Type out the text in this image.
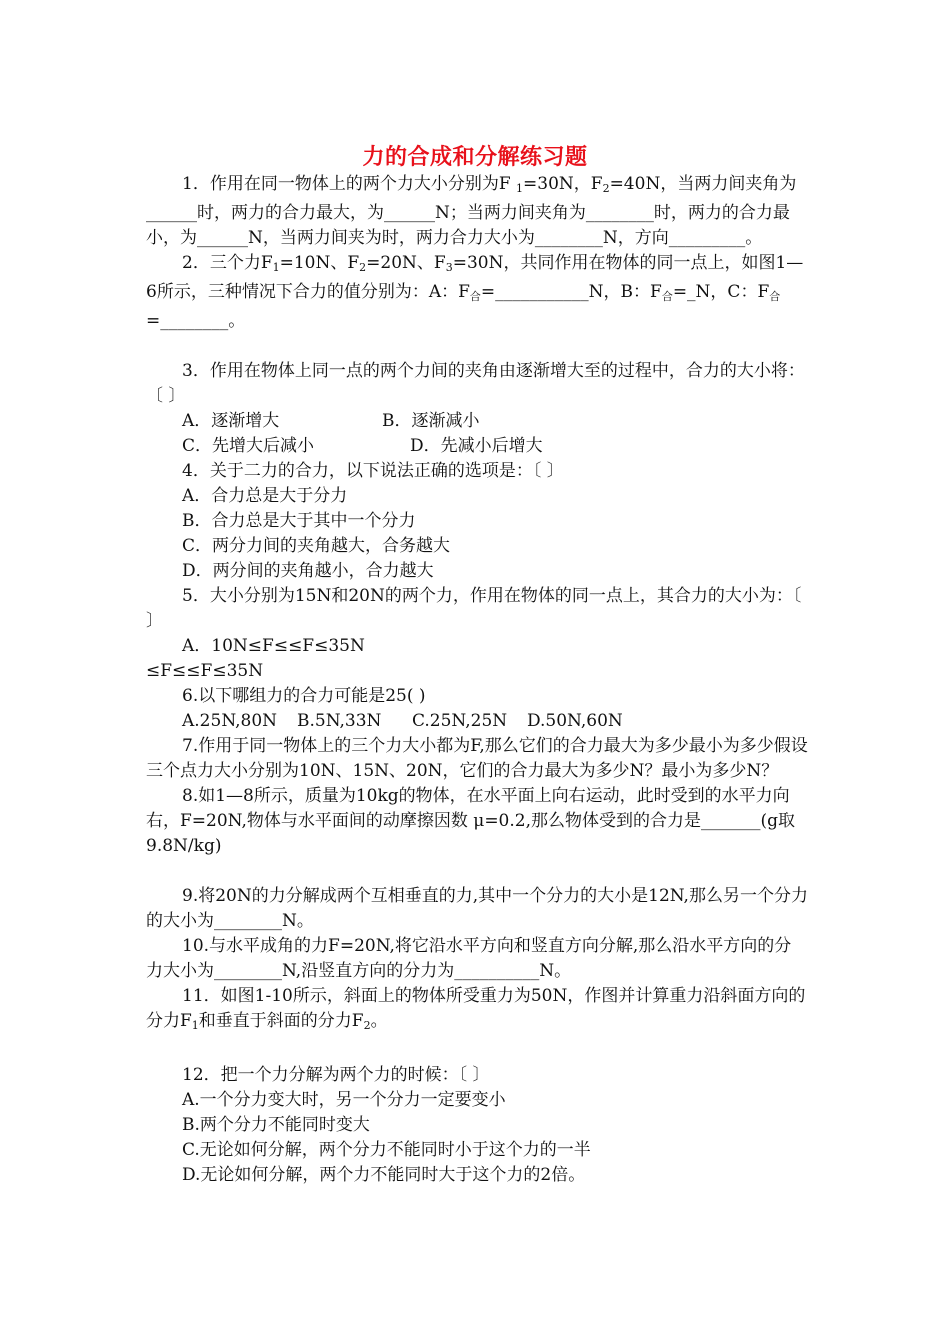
力的合成和分解练习题
1．作用在同一物体上的两个力大小分别为F $_1$=30N，$F_2=40N$，当两力间夹角为______时，两力的合力最大，为______N；当两力间夹角为________时，两力的合力最小，为______N，当两力间夹为时，两力合力大小为________N，方向_________。
2．三个力$F_1=10N$、$F_2=20N$、$F_3=30N$，共同作用在物体的同一点上，如图1—6所示，三种情况下合力的值分别为：A：$F_合=\_\_\_\_\_\_\_\_\_\_\_N$，B：$F_合=\_N$，C：$F_合=\_\_\_\_\_\_\_\_$。
3．作用在物体上同一点的两个力间的夹角由逐渐增大至的过程中，合力的大小将：〔 〕
A．逐渐增大	B．逐渐减小
C．先增大后减小	D．先减小后增大
4．关于二力的合力，以下说法正确的选项是：〔 〕
A．合力总是大于分力
B．合力总是大于其中一个分力
C．两分力间的夹角越大，合务越大
D．两分间的夹角越小，合力越大
5．大小分别为15N和20N的两个力，作用在物体的同一点上，其合力的大小为：〔 〕
A．10N≤F≤≤F≤35N
≤F≤≤F≤35N
6.以下哪组力的合力可能是25( )
A.25N,80N	B.5N,33N	C.25N,25N	D.50N,60N
7.作用于同一物体上的三个力大小都为F,那么它们的合力最大为多少最小为多少假设三个点力大小分别为10N、15N、20N，它们的合力最大为多少N？最小为多少N？
8.如1—8所示，质量为10kg的物体，在水平面上向右运动，此时受到的水平力向右，F=20N,物体与水平面间的动摩擦因数 μ=0.2,那么物体受到的合力是_______(g取9.8N/kg)
9.将20N的力分解成两个互相垂直的力,其中一个分力的大小是12N,那么另一个分力的大小为________N。
10.与水平成角的力F=20N,将它沿水平方向和竖直方向分解,那么沿水平方向的分力大小为________N,沿竖直方向的分力为__________N。
11．如图1-10所示，斜面上的物体所受重力为50N，作图并计算重力沿斜面方向的分力$F_1$和垂直于斜面的分力$F_2$。
12．把一个力分解为两个力的时候：〔 〕
A.一个分力变大时，另一个分力一定要变小
B.两个分力不能同时变大
C.无论如何分解，两个分力不能同时小于这个力的一半
D.无论如何分解，两个力不能同时大于这个力的2倍。
